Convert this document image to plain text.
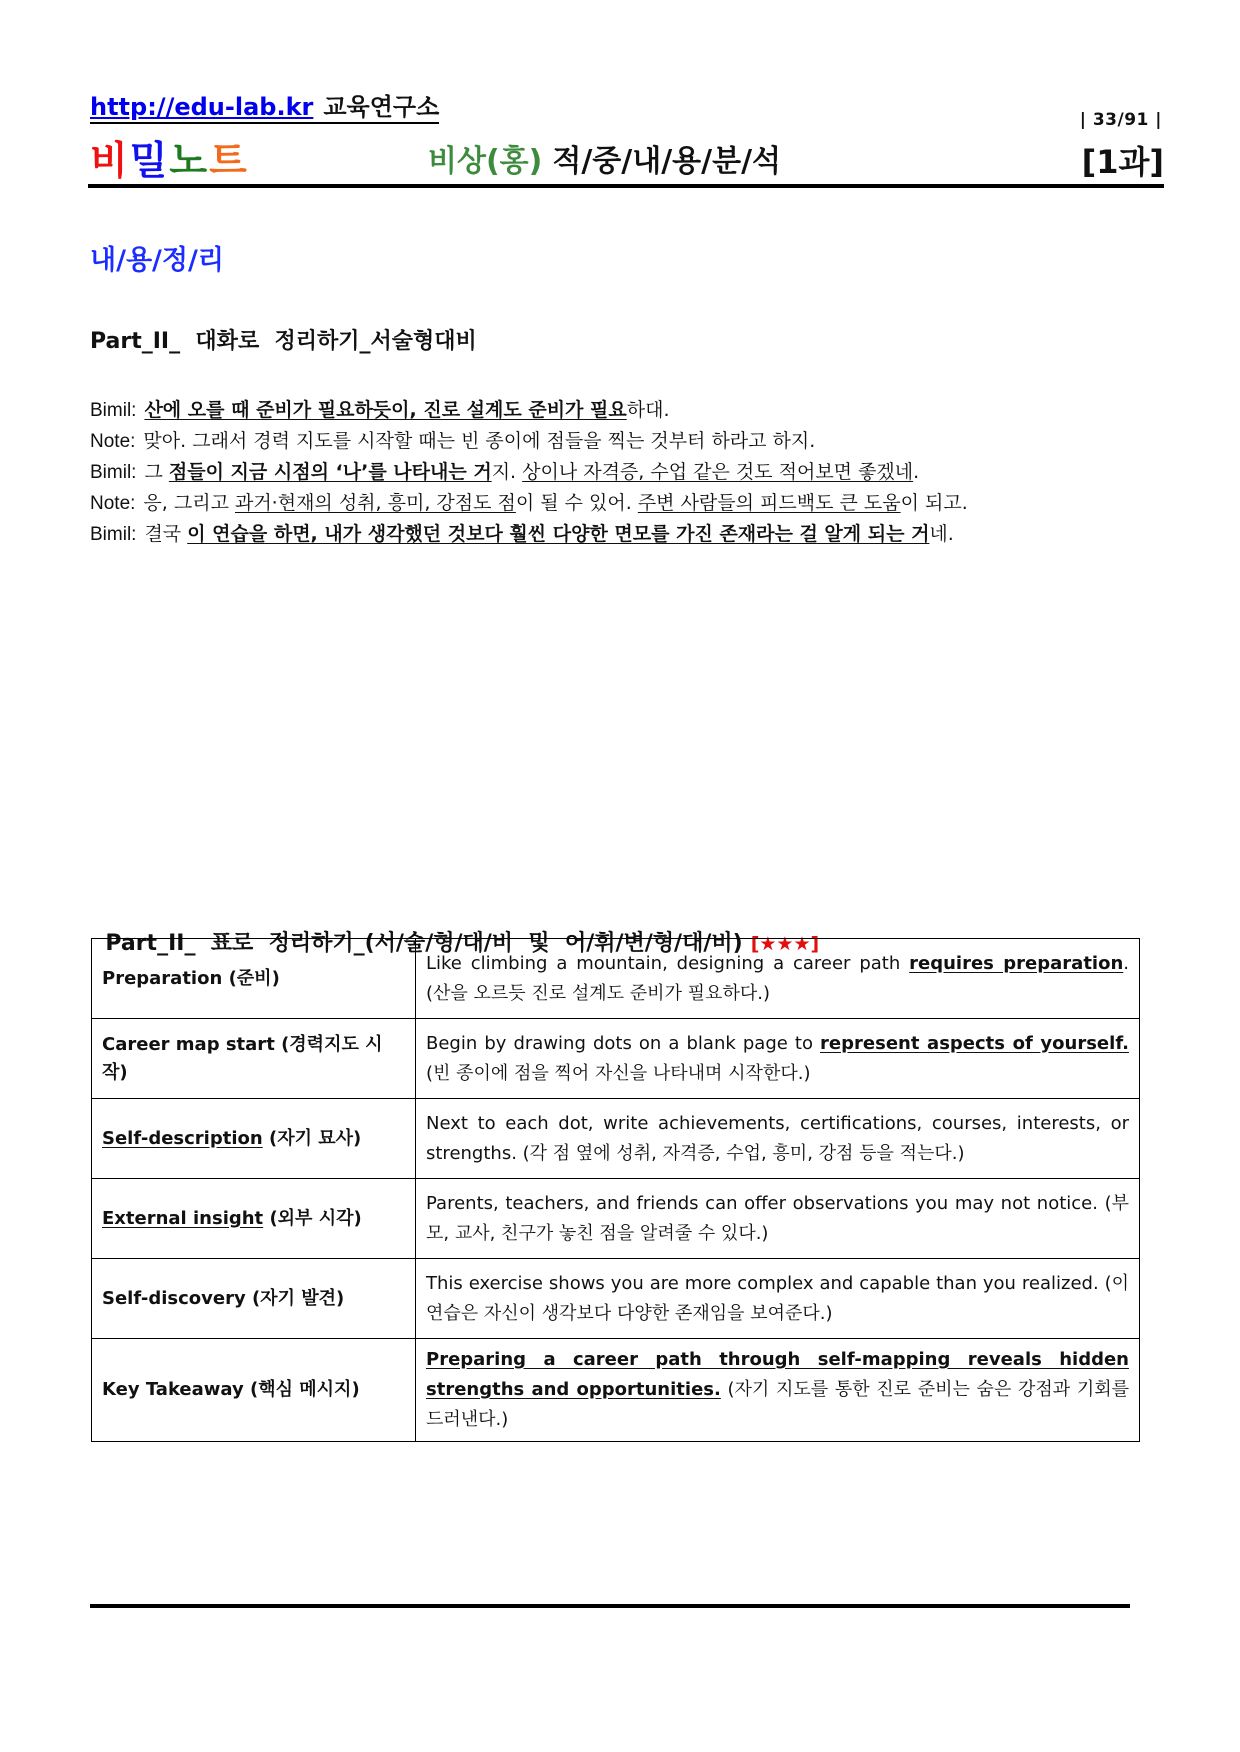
http://edu-lab.kr 교육연구소	| 33/91 |
비밀노트	비상(홍) 적/중/내/용/분/석	[1과]
내/용/정/리
Part_II_  대화로  정리하기_서술형대비
Bimil: 산에 오를 때 준비가 필요하듯이, 진로 설계도 준비가 필요하대.
Note: 맞아. 그래서 경력 지도를 시작할 때는 빈 종이에 점들을 찍는 것부터 하라고 하지.
Bimil: 그 점들이 지금 시점의 ‘나’를 나타내는 거지. 상이나 자격증, 수업 같은 것도 적어보면 좋겠네.
Note: 응, 그리고 과거·현재의 성취, 흥미, 강점도 점이 될 수 있어. 주변 사람들의 피드백도 큰 도움이 되고.
Bimil: 결국 이 연습을 하면, 내가 생각했던 것보다 훨씬 다양한 면모를 가진 존재라는 걸 알게 되는 거네.

Part_II_  표로  정리하기_(서/술/형/대/비  및  어/휘/변/형/대/비) [★★★]

Preparation (준비)	Like climbing a mountain, designing a career path requires preparation. (산을 오르듯 진로 설계도 준비가 필요하다.)
Career map start (경력지도 시작)	Begin by drawing dots on a blank page to represent aspects of yourself. (빈 종이에 점을 찍어 자신을 나타내며 시작한다.)
Self-description (자기 묘사)	Next to each dot, write achievements, certifications, courses, interests, or strengths. (각 점 옆에 성취, 자격증, 수업, 흥미, 강점 등을 적는다.)
External insight (외부 시각)	Parents, teachers, and friends can offer observations you may not notice. (부모, 교사, 친구가 놓친 점을 알려줄 수 있다.)
Self-discovery (자기 발견)	This exercise shows you are more complex and capable than you realized. (이 연습은 자신이 생각보다 다양한 존재임을 보여준다.)
Key Takeaway (핵심 메시지)	Preparing a career path through self-mapping reveals hidden strengths and opportunities. (자기 지도를 통한 진로 준비는 숨은 강점과 기회를 드러낸다.)
